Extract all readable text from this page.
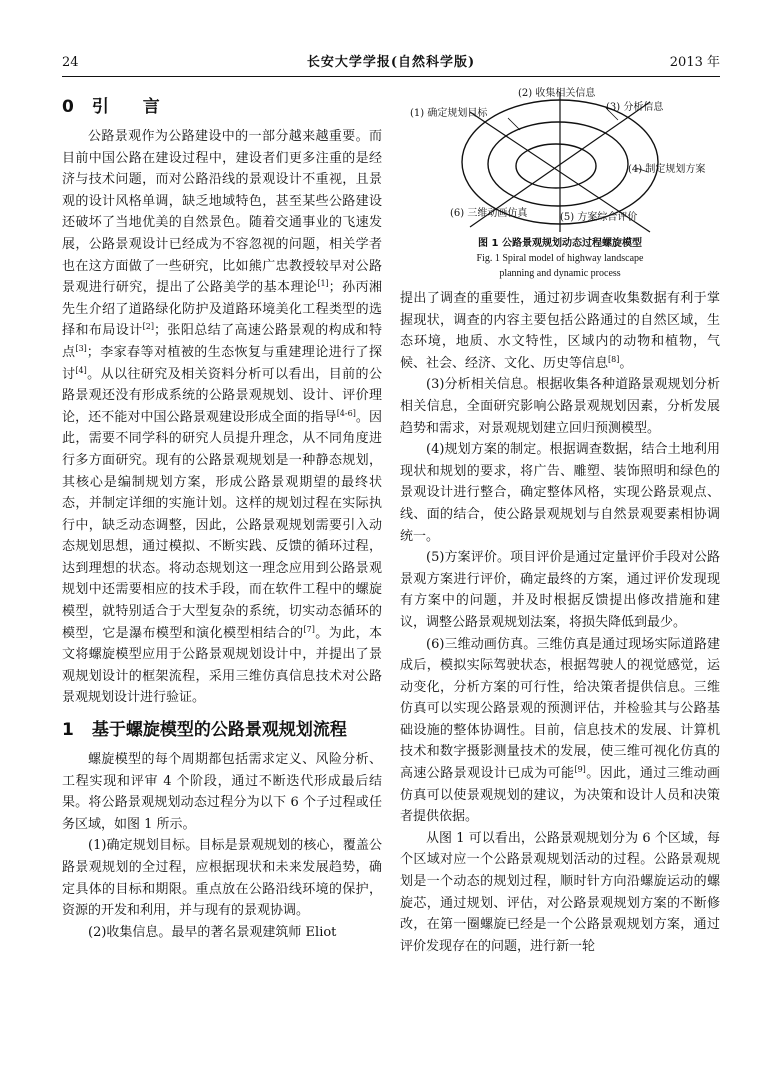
24	长安大学学报(自然科学版)	2013 年
0 引 言

公路景观作为公路建设中的一部分越来越重要。而目前中国公路在建设过程中，建设者们更多注重的是经济与技术问题，而对公路沿线的景观设计不重视，且景观的设计风格单调，缺乏地域特色，甚至某些公路建设还破坏了当地优美的自然景色。随着交通事业的飞速发展，公路景观设计已经成为不容忽视的问题，相关学者也在这方面做了一些研究，比如熊广忠教授较早对公路景观进行研究，提出了公路美学的基本理论[1]；孙丙湘先生介绍了道路绿化防护及道路环境美化工程类型的选择和布局设计[2]；张阳总结了高速公路景观的构成和特点[3]；李家春等对植被的生态恢复与重建理论进行了探讨[4]。从以往研究及相关资料分析可以看出，目前的公路景观还没有形成系统的公路景观规划、设计、评价理论，还不能对中国公路景观建设形成全面的指导[4-6]。因此，需要不同学科的研究人员提升理念，从不同角度进行多方面研究。现有的公路景观规划是一种静态规划，其核心是编制规划方案，形成公路景观期望的最终状态，并制定详细的实施计划。这样的规划过程在实际执行中，缺乏动态调整，因此，公路景观规划需要引入动态规划思想，通过模拟、不断实践、反馈的循环过程，达到理想的状态。将动态规划这一理念应用到公路景观规划中还需要相应的技术手段，而在软件工程中的螺旋模型，就特别适合于大型复杂的系统，切实动态循环的模型，它是瀑布模型和演化模型相结合的[7]。为此，本文将螺旋模型应用于公路景观规划设计中，并提出了景观规划设计的框架流程，采用三维仿真信息技术对公路景观规划设计进行验证。

1 基于螺旋模型的公路景观规划流程

螺旋模型的每个周期都包括需求定义、风险分析、工程实现和评审 4 个阶段，通过不断迭代形成最后结果。将公路景观规划动态过程分为以下 6 个子过程或任务区域，如图 1 所示。

(1)确定规划目标。目标是景观规划的核心，覆盖公路景观规划的全过程，应根据现状和未来发展趋势，确定具体的目标和期限。重点放在公路沿线环境的保护，资源的开发和利用，并与现有的景观协调。

(2)收集信息。最早的著名景观建筑师 Eliot

(2) 收集相关信息
(1) 确定规划目标
(3) 分析信息
(4) 制定规划方案
(6) 三维动画仿真	(5) 方案综合评价
图 1 公路景观规划动态过程螺旋模型
Fig. 1 Spiral model of highway landscape
planning and dynamic process

提出了调查的重要性，通过初步调查收集数据有利于掌握现状，调查的内容主要包括公路通过的自然区域，生态环境，地质、水文特性，区域内的动物和植物，气候、社会、经济、文化、历史等信息[8]。

(3)分析相关信息。根据收集各种道路景观规划分析相关信息，全面研究影响公路景观规划因素，分析发展趋势和需求，对景观规划建立回归预测模型。

(4)规划方案的制定。根据调查数据，结合土地利用现状和规划的要求，将广告、雕塑、装饰照明和绿色的景观设计进行整合，确定整体风格，实现公路景观点、线、面的结合，使公路景观规划与自然景观要素相协调统一。

(5)方案评价。项目评价是通过定量评价手段对公路景观方案进行评价，确定最终的方案，通过评价发现现有方案中的问题，并及时根据反馈提出修改措施和建议，调整公路景观规划法案，将损失降低到最少。

(6)三维动画仿真。三维仿真是通过现场实际道路建成后，模拟实际驾驶状态，根据驾驶人的视觉感觉，运动变化，分析方案的可行性，给决策者提供信息。三维仿真可以实现公路景观的预测评估，并检验其与公路基础设施的整体协调性。目前，信息技术的发展、计算机技术和数字摄影测量技术的发展，使三维可视化仿真的高速公路景观设计已成为可能[9]。因此，通过三维动画仿真可以使景观规划的建议，为决策和设计人员和决策者提供依据。

从图 1 可以看出，公路景观规划分为 6 个区域，每个区域对应一个公路景观规划活动的过程。公路景观规划是一个动态的规划过程，顺时针方向沿螺旋运动的螺旋芯，通过规划、评估，对公路景观规划方案的不断修改，在第一圈螺旋已经是一个公路景观规划方案，通过评价发现存在的问题，进行新一轮
